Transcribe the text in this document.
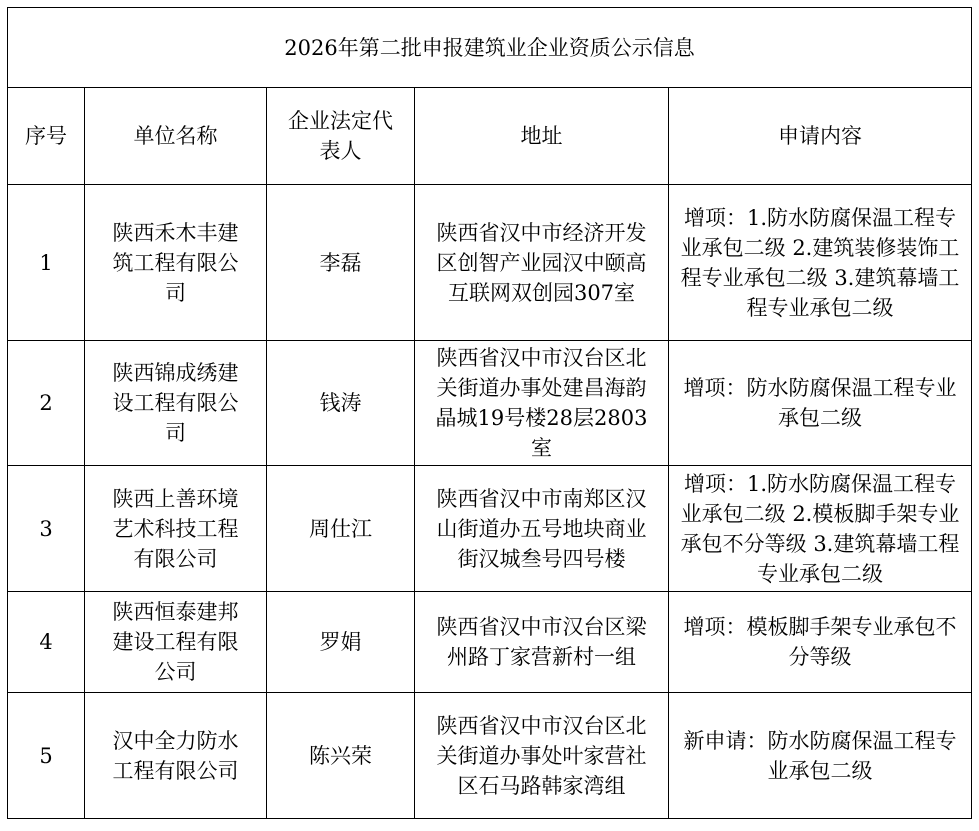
2026年第二批申报建筑业企业资质公示信息				
序号	单位名称	企业法定代表人	地址	申请内容
1	陕西禾木丰建筑工程有限公司	李磊	陕西省汉中市经济开发区创智产业园汉中颐高互联网双创园307室	增项：1.防水防腐保温工程专业承包二级 2.建筑装修装饰工程专业承包二级 3.建筑幕墙工程专业承包二级
2	陕西锦成绣建设工程有限公司	钱涛	陕西省汉中市汉台区北关街道办事处建昌海韵晶城19号楼28层2803室	增项：防水防腐保温工程专业承包二级
3	陕西上善环境艺术科技工程有限公司	周仕江	陕西省汉中市南郑区汉山街道办五号地块商业街汉城叁号四号楼	增项：1.防水防腐保温工程专业承包二级 2.模板脚手架专业承包不分等级 3.建筑幕墙工程专业承包二级
4	陕西恒泰建邦建设工程有限公司	罗娟	陕西省汉中市汉台区梁州路丁家营新村一组	增项：模板脚手架专业承包不分等级
5	汉中全力防水工程有限公司	陈兴荣	陕西省汉中市汉台区北关街道办事处叶家营社区石马路韩家湾组	新申请：防水防腐保温工程专业承包二级
